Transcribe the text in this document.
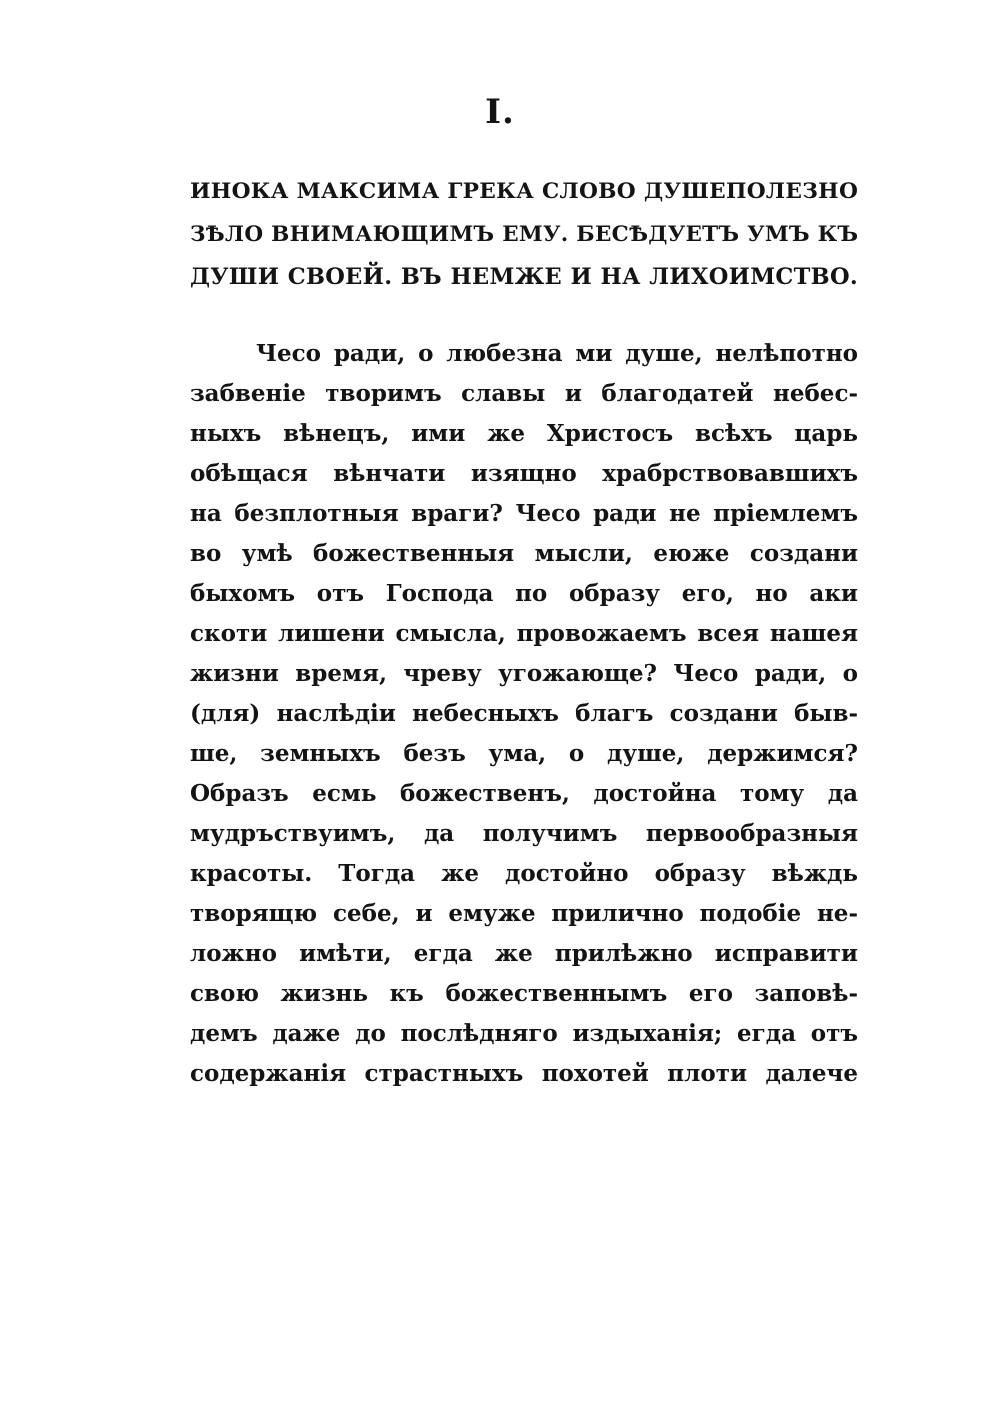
I.
ИНОКА МАКСИМА ГРЕКА СЛОВО ДУШЕПОЛЕЗНО
ЗѢЛО ВНИМАЮЩИМЪ ЕМУ. БЕСѢДУЕТЪ УМЪ КЪ
ДУШИ СВОЕЙ. ВЪ НЕМЖЕ И НА ЛИХОИМСТВО.
Чесо ради, о любезна ми душе, нелѣпотно
забвеніе творимъ славы и благодатей небес-
ныхъ вѣнецъ, ими же Христосъ всѣхъ царь
обѣщася вѣнчати изящно храбрствовавшихъ
на безплотныя враги? Чесо ради не пріемлемъ
во умѣ божественныя мысли, еюже создани
быхомъ отъ Господа по образу его, но аки
скоти лишени смысла, провожаемъ всея нашея
жизни время, чреву угожающе? Чесо ради, о
(для) наслѣдіи небесныхъ благъ создани быв-
ше, земныхъ безъ ума, о душе, держимся?
Образъ есмь божественъ, достойна тому да
мудръствуимъ, да получимъ первообразныя
красоты. Тогда же достойно образу вѣждь
творящю себе, и емуже прилично подобіе не-
ложно имѣти, егда же прилѣжно исправити
свою жизнь къ божественнымъ его заповѣ-
демъ даже до послѣдняго издыханія; егда отъ
содержанія страстныхъ похотей плоти далече
